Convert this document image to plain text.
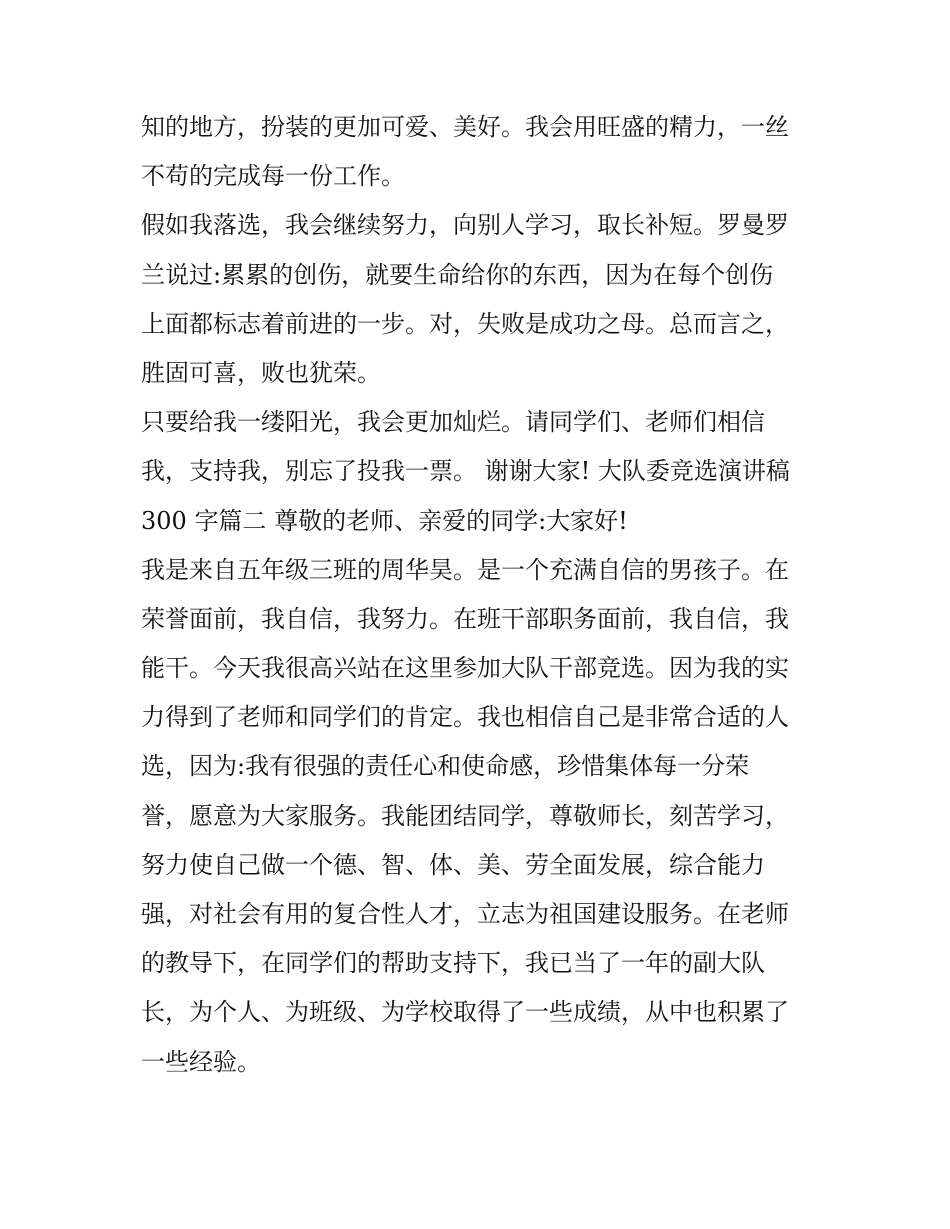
知的地方，扮装的更加可爱、美好。我会用旺盛的精力，一丝
不苟的完成每一份工作。
假如我落选，我会继续努力，向别人学习，取长补短。罗曼罗
兰说过:累累的创伤，就要生命给你的东西，因为在每个创伤
上面都标志着前进的一步。对，失败是成功之母。总而言之，
胜固可喜，败也犹荣。
只要给我一缕阳光，我会更加灿烂。请同学们、老师们相信
我，支持我，别忘了投我一票。 谢谢大家! 大队委竞选演讲稿
300 字篇二 尊敬的老师、亲爱的同学:大家好!
我是来自五年级三班的周华昊。是一个充满自信的男孩子。在
荣誉面前，我自信，我努力。在班干部职务面前，我自信，我
能干。今天我很高兴站在这里参加大队干部竞选。因为我的实
力得到了老师和同学们的肯定。我也相信自己是非常合适的人
选，因为:我有很强的责任心和使命感，珍惜集体每一分荣
誉，愿意为大家服务。我能团结同学，尊敬师长，刻苦学习，
努力使自己做一个德、智、体、美、劳全面发展，综合能力
强，对社会有用的复合性人才，立志为祖国建设服务。在老师
的教导下，在同学们的帮助支持下，我已当了一年的副大队
长，为个人、为班级、为学校取得了一些成绩，从中也积累了
一些经验。
